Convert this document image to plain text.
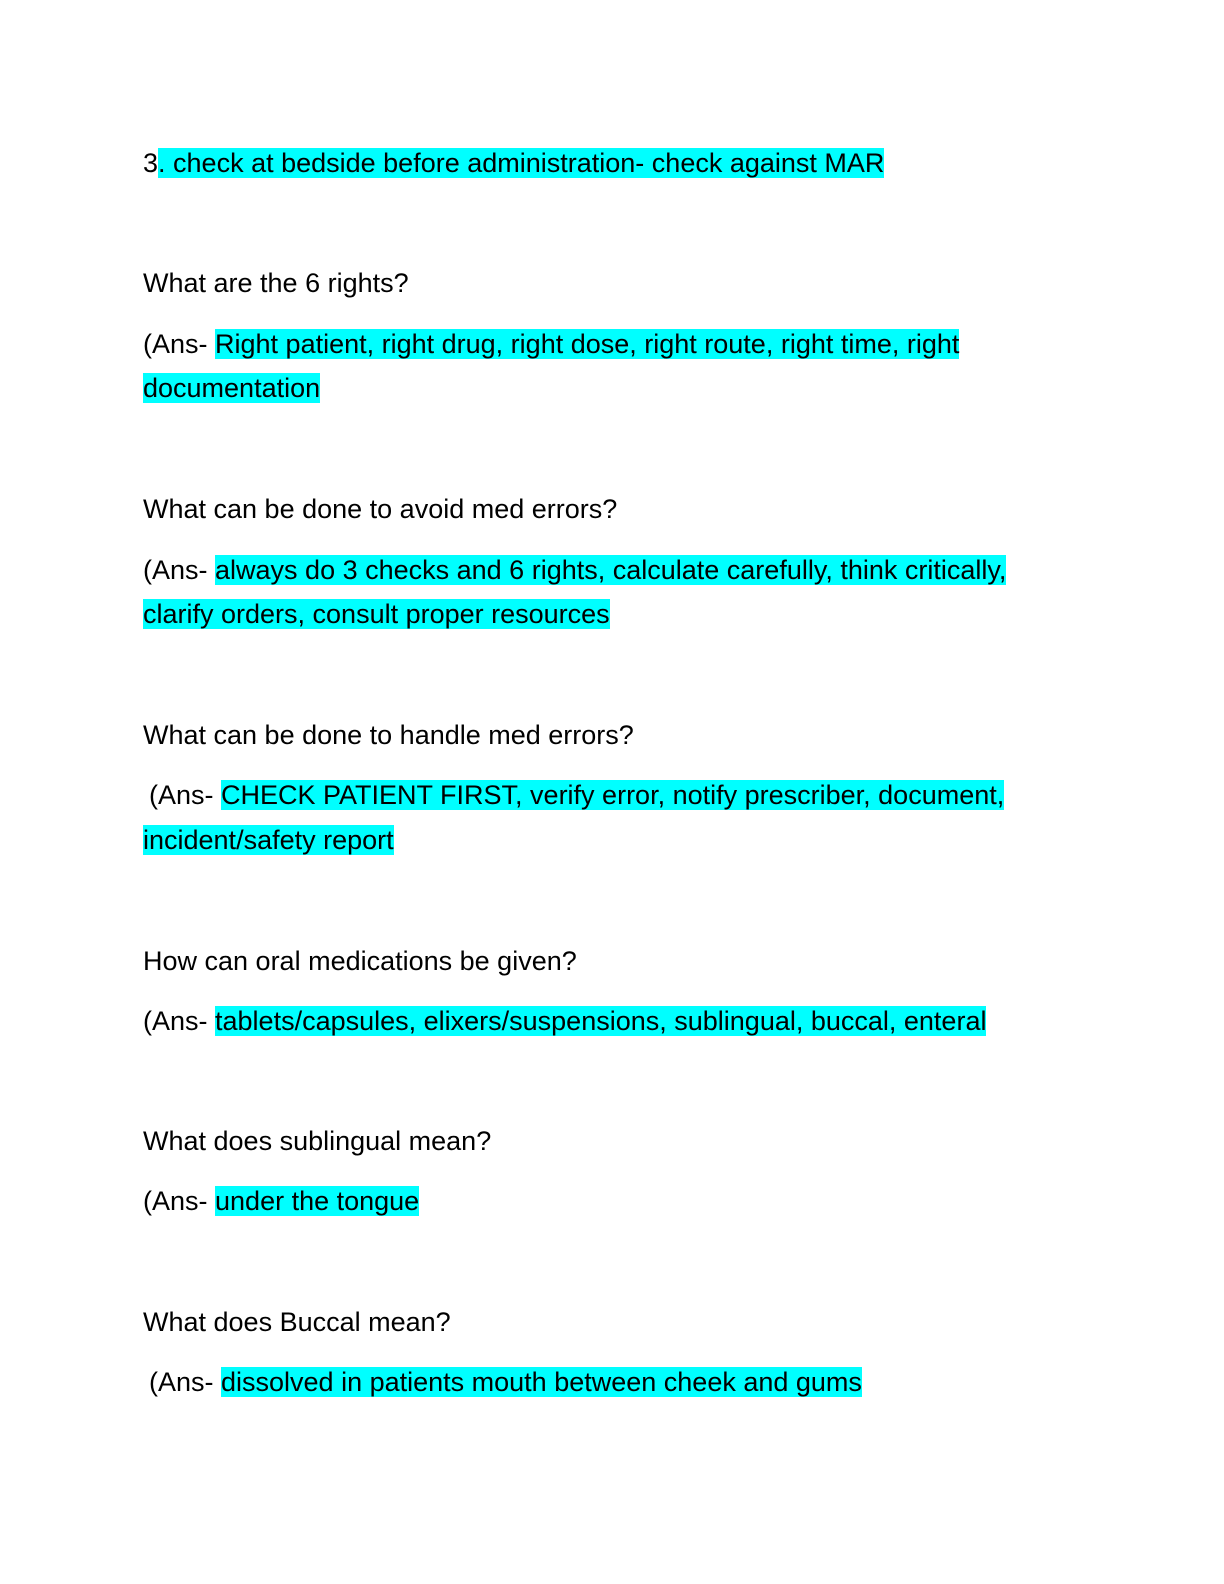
3. check at bedside before administration- check against MAR
What are the 6 rights?
(Ans- Right patient, right drug, right dose, right route, right time, right
documentation
What can be done to avoid med errors?
(Ans- always do 3 checks and 6 rights, calculate carefully, think critically,
clarify orders, consult proper resources
What can be done to handle med errors?
(Ans- CHECK PATIENT FIRST, verify error, notify prescriber, document,
incident/safety report
How can oral medications be given?
(Ans- tablets/capsules, elixers/suspensions, sublingual, buccal, enteral
What does sublingual mean?
(Ans- under the tongue
What does Buccal mean?
(Ans- dissolved in patients mouth between cheek and gums
